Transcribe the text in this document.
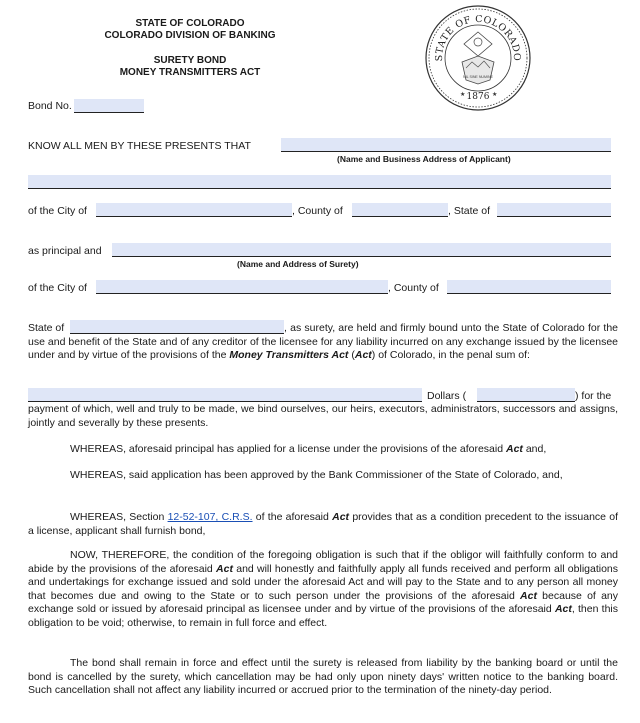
STATE OF COLORADO
COLORADO DIVISION OF BANKING
SURETY BOND
MONEY TRANSMITTERS ACT
STATE OF COLORADO
1876
★	★
NIL SINE NUMINE
Bond No.
KNOW ALL MEN BY THESE PRESENTS THAT
(Name and Business Address of Applicant)
of the City of	, County of	, State of
as principal and
(Name and Address of Surety)
of the City of	, County of
State of	, as surety, are held and firmly bound unto the State of Colorado for the use and benefit of the State and of any creditor of the licensee for any liability incurred on any exchange issued by the licensee under and by virtue of the provisions of the Money Transmitters Act (Act) of Colorado, in the penal sum of:
Dollars (	) for the
payment of which, well and truly to be made, we bind ourselves, our heirs, executors, administrators, successors and assigns, jointly and severally by these presents.
WHEREAS, aforesaid principal has applied for a license under the provisions of the aforesaid Act and,
WHEREAS, said application has been approved by the Bank Commissioner of the State of Colorado, and,
WHEREAS, Section 12-52-107, C.R.S. of the aforesaid Act provides that as a condition precedent to the issuance of a license, applicant shall furnish bond,
NOW, THEREFORE, the condition of the foregoing obligation is such that if the obligor will faithfully conform to and abide by the provisions of the aforesaid Act and will honestly and faithfully apply all funds received and perform all obligations and undertakings for exchange issued and sold under the aforesaid Act and will pay to the State and to any person all money that becomes due and owing to the State or to such person under the provisions of the aforesaid Act because of any exchange sold or issued by aforesaid principal as licensee under and by virtue of the provisions of the aforesaid Act, then this obligation to be void; otherwise, to remain in full force and effect.
The bond shall remain in force and effect until the surety is released from liability by the banking board or until the bond is cancelled by the surety, which cancellation may be had only upon ninety days' written notice to the banking board. Such cancellation shall not affect any liability incurred or accrued prior to the termination of the ninety-day period.
